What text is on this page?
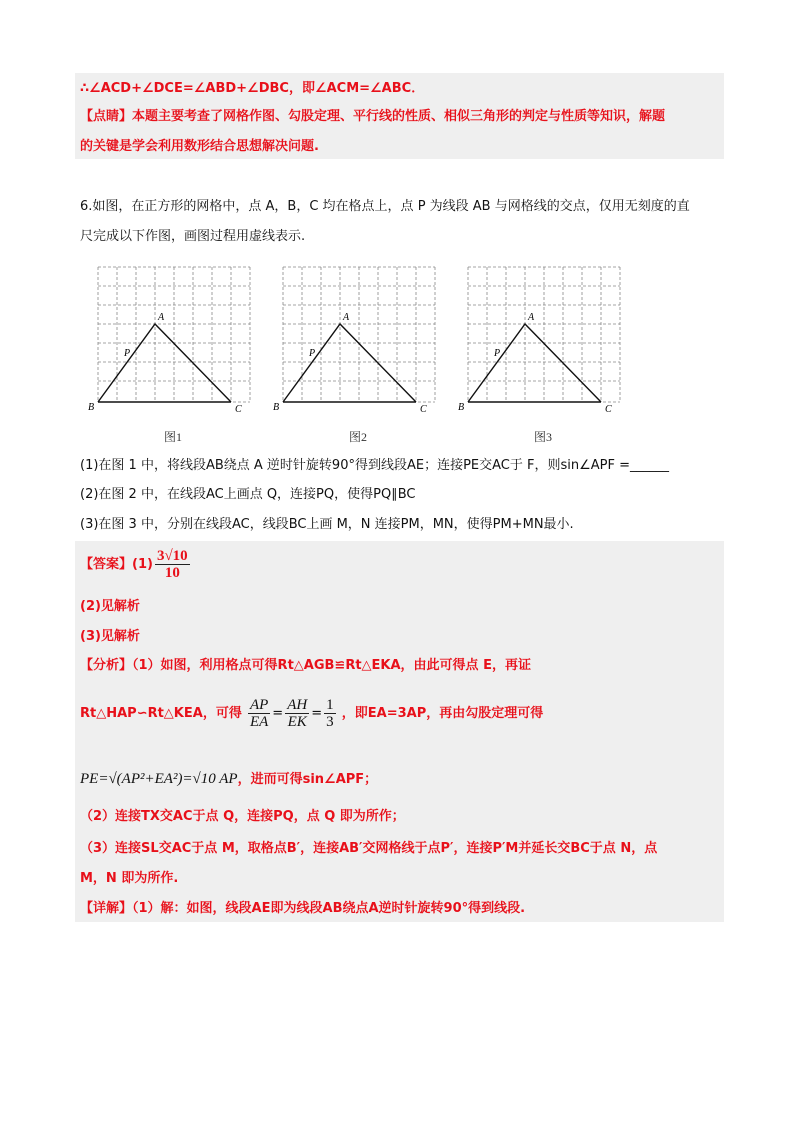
∴∠ACD+∠DCE=∠ABD+∠DBC，即∠ACM=∠ABC．
【点睛】本题主要考查了网格作图、勾股定理、平行线的性质、相似三角形的判定与性质等知识，解题
的关键是学会利用数形结合思想解决问题.
6.如图，在正方形的网格中，点 A，B，C 均在格点上，点 P 为线段 AB 与网格线的交点，仅用无刻度的直
尺完成以下作图，画图过程用虚线表示.
A
B	C
P
图1
A
B	C
P
图2
A
B	C
P
图3
(1)在图 1 中，将线段AB绕点 A 逆时针旋转90°得到线段AE；连接PE交AC于 F，则sin∠APF =______
(2)在图 2 中，在线段AC上画点 Q，连接PQ，使得PQ∥BC
(3)在图 3 中，分别在线段AC，线段BC上画 M，N 连接PM，MN，使得PM+MN最小.
【答案】$(1) \frac{3√10}{10}$
(2)见解析
(3)见解析
【分析】（1）如图，利用格点可得Rt△AGB≌Rt△EKA，由此可得点 E，再证
Rt△HAP∽Rt△KEA，可得 $\frac{AP}{EA} = \frac{AH}{EK} = \frac{1}{3}$ ，即EA=3AP，再由勾股定理可得
PE=√(AP²+EA²)=√10 AP，进而可得sin∠APF；
（2）连接TX交AC于点 Q，连接PQ，点 Q 即为所作；
（3）连接SL交AC于点 M，取格点B′，连接AB′交网格线于点P′，连接P′M并延长交BC于点 N，点
M，N 即为所作.
【详解】（1）解：如图，线段AE即为线段AB绕点A逆时针旋转90°得到线段.
